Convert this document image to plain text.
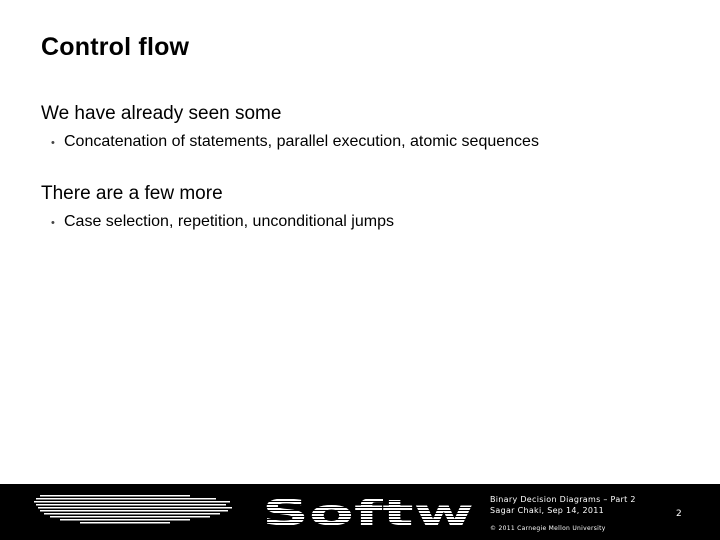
Control flow
We have already seen some
• Concatenation of statements, parallel execution, atomic sequences
There are a few more
• Case selection, repetition, unconditional jumps
Softw Binary Decision Diagrams – Part 2
Sagar Chaki, Sep 14, 2011
© 2011 Carnegie Mellon University
2
